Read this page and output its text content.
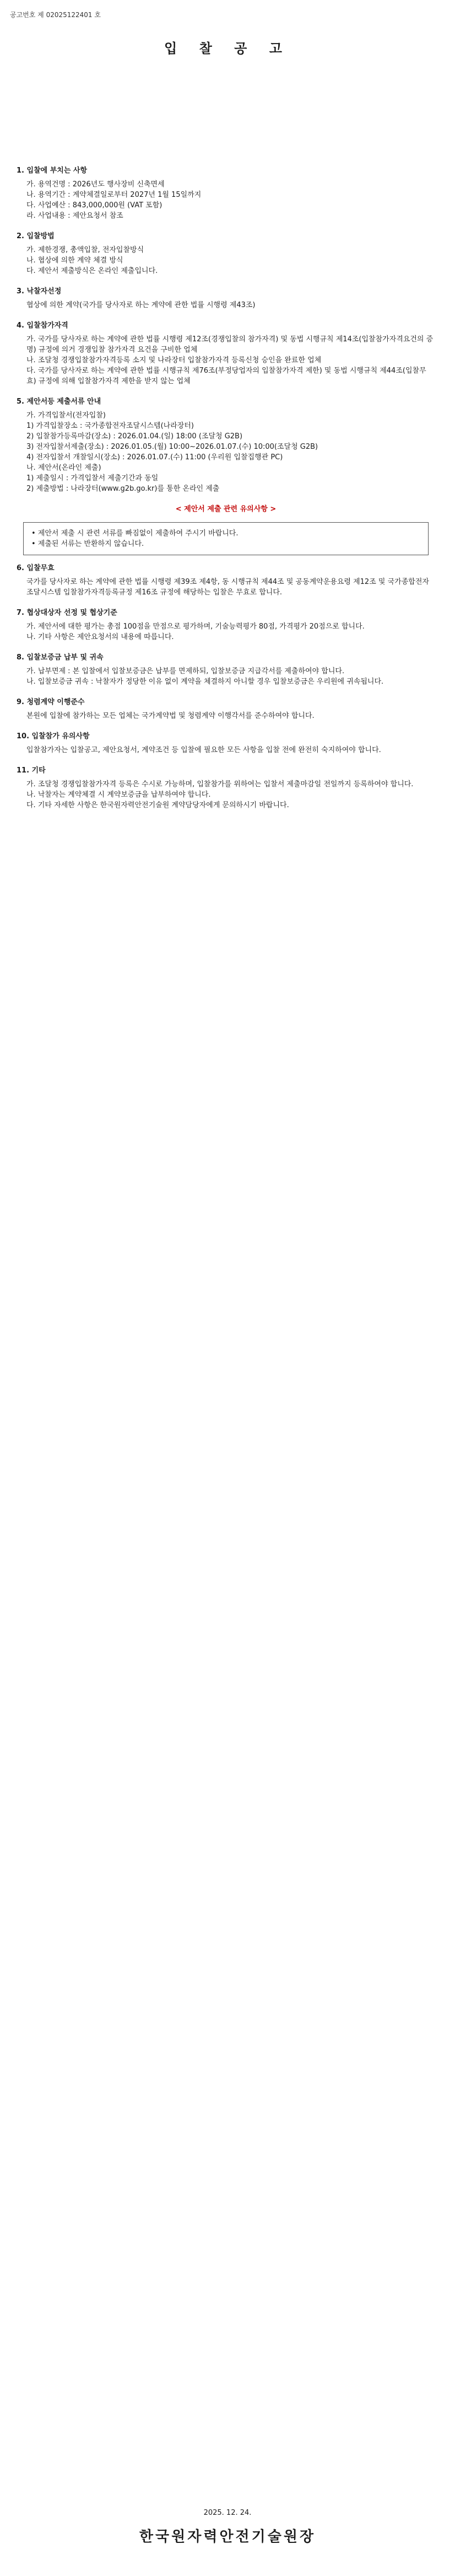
공고번호 제 02025122401 호
입 찰 공 고
1. 입찰에 부치는 사항
가. 용역건명 : 2026년도 행사장비 신축면세
나. 용역기간 : 계약체결일로부터 2027년 1월 15일까지
다. 사업예산 : 843,000,000원 (VAT 포함)
라. 사업내용 : 제안요청서 참조
2. 입찰방법
가. 제한경쟁, 총액입찰, 전자입찰방식
나. 협상에 의한 계약 체결 방식
다. 제안서 제출방식은 온라인 제출입니다.
3. 낙찰자선정
협상에 의한 계약(국가를 당사자로 하는 계약에 관한 법률 시행령 제43조)
4. 입찰참가자격
가. 국가를 당사자로 하는 계약에 관한 법률 시행령 제12조(경쟁입찰의 참가자격) 및 동법 시행규칙 제14조(입찰참가자격요건의 증명) 규정에 의거 경쟁입찰 참가자격 요건을 구비한 업체
나. 조달청 경쟁입찰참가자격등록 소지 및 나라장터 입찰참가자격 등록신청 승인을 완료한 업체
다. 국가를 당사자로 하는 계약에 관한 법률 시행규칙 제76조(부정당업자의 입찰참가자격 제한) 및 동법 시행규칙 제44조(입찰무효) 규정에 의해 입찰참가자격 제한을 받지 않는 업체
5. 제안서등 제출서류 안내
가. 가격입찰서(전자입찰)
1) 가격입찰장소 : 국가종합전자조달시스템(나라장터)
2) 입찰참가등록마감(장소) : 2026.01.04.(일) 18:00 (조달청 G2B)
3) 전자입찰서제출(장소) : 2026.01.05.(월) 10:00~2026.01.07.(수) 10:00(조달청 G2B)
4) 전자입찰서 개찰일시(장소) : 2026.01.07.(수) 11:00 (우리원 입찰집행관 PC)
나. 제안서(온라인 제출)
1) 제출일시 : 가격입찰서 제출기간과 동일
2) 제출방법 : 나라장터(www.g2b.go.kr)를 통한 온라인 제출
< 제안서 제출 관련 유의사항 >
• 제안서 제출 시 관련 서류를 빠짐없이 제출하여 주시기 바랍니다.
• 제출된 서류는 반환하지 않습니다.
6. 입찰무효
국가를 당사자로 하는 계약에 관한 법률 시행령 제39조 제4항, 동 시행규칙 제44조 및 공동계약운용요령 제12조 및 국가종합전자조달시스템 입찰참가자격등록규정 제16조 규정에 해당하는 입찰은 무효로 합니다.
7. 협상대상자 선정 및 협상기준
가. 제안서에 대한 평가는 총점 100점을 만점으로 평가하며, 기술능력평가 80점, 가격평가 20점으로 합니다.
나. 기타 사항은 제안요청서의 내용에 따릅니다.
8. 입찰보증금 납부 및 귀속
가. 납부면제 : 본 입찰에서 입찰보증금은 납부를 면제하되, 입찰보증금 지급각서를 제출하여야 합니다.
나. 입찰보증금 귀속 : 낙찰자가 정당한 이유 없이 계약을 체결하지 아니할 경우 입찰보증금은 우리원에 귀속됩니다.
9. 청렴계약 이행준수
본원에 입찰에 참가하는 모든 업체는 국가계약법 및 청렴계약 이행각서를 준수하여야 합니다.
10. 입찰참가 유의사항
입찰참가자는 입찰공고, 제안요청서, 계약조건 등 입찰에 필요한 모든 사항을 입찰 전에 완전히 숙지하여야 합니다.
11. 기타
가. 조달청 경쟁입찰참가자격 등록은 수시로 가능하며, 입찰참가를 위하여는 입찰서 제출마감일 전일까지 등록하여야 합니다.
나. 낙찰자는 계약체결 시 계약보증금을 납부하여야 합니다.
다. 기타 자세한 사항은 한국원자력안전기술원 계약담당자에게 문의하시기 바랍니다.
2025. 12. 24.
한국원자력안전기술원장
